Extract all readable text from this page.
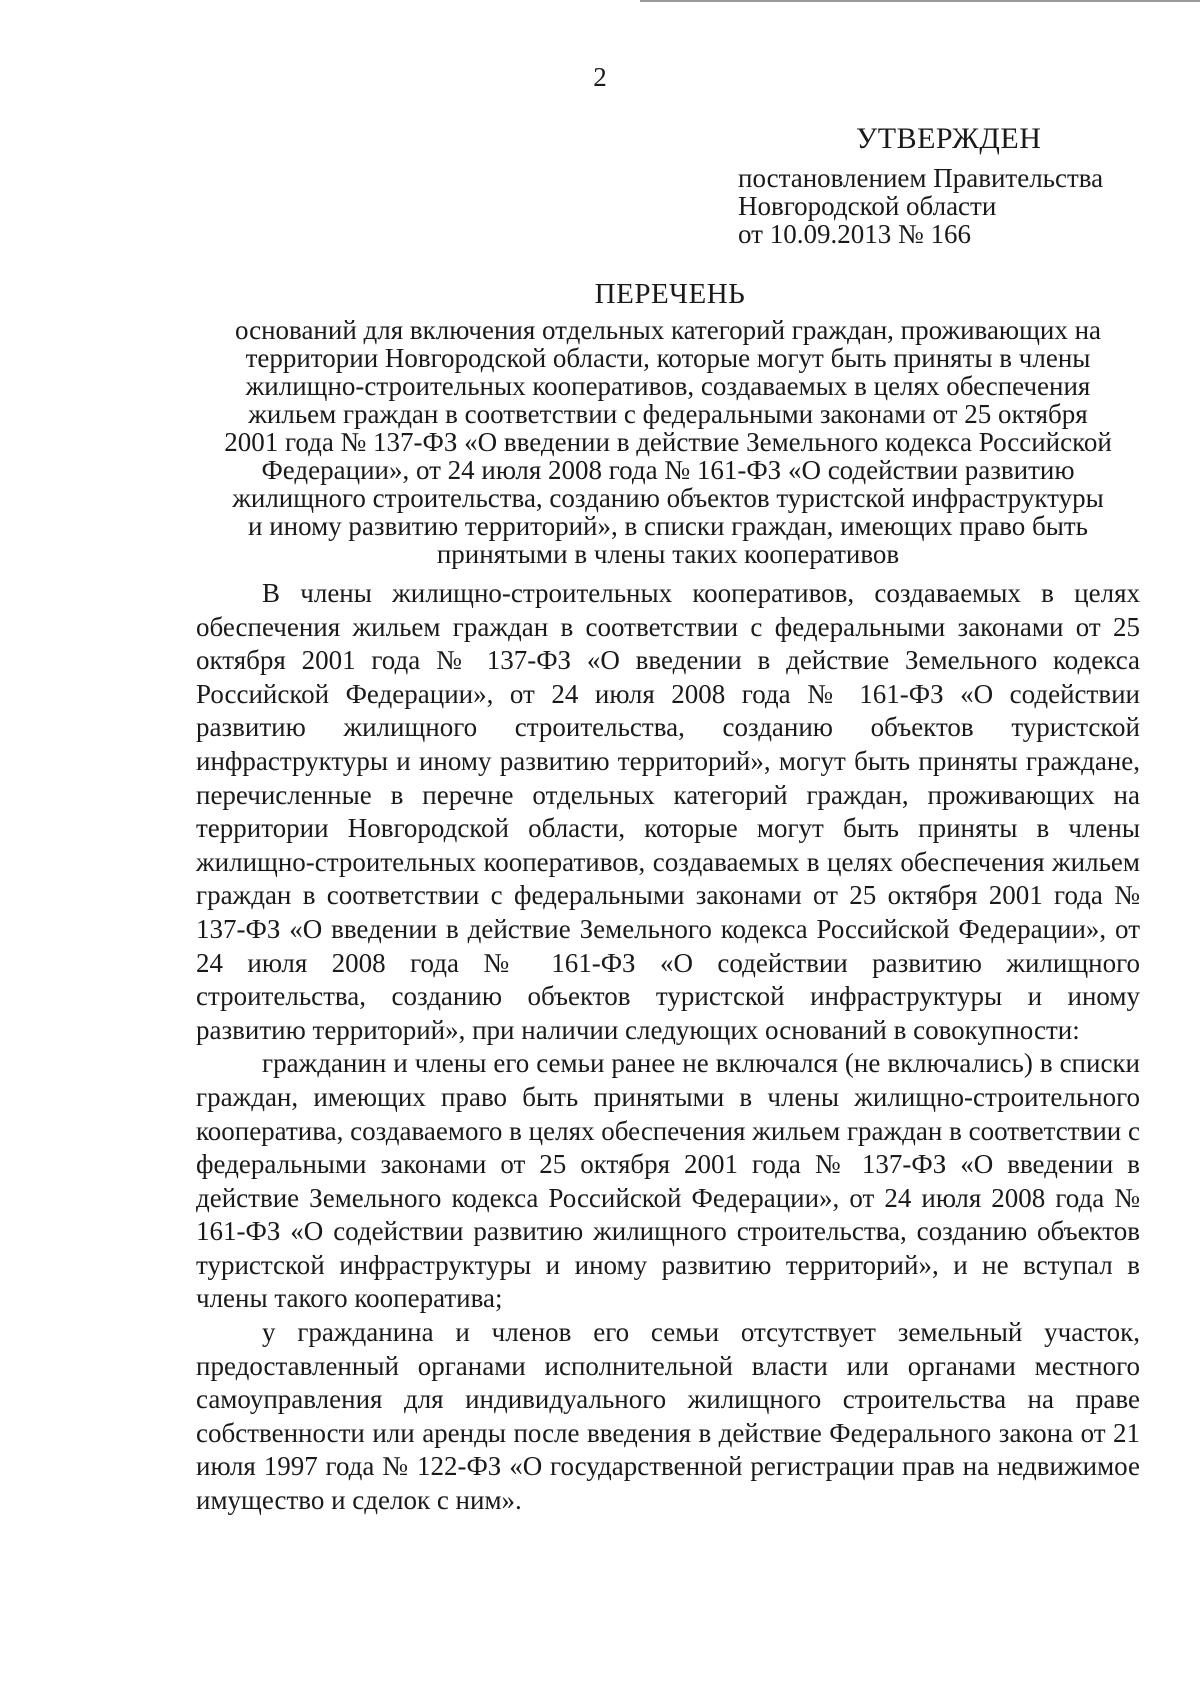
2
УТВЕРЖДЕН
постановлением Правительства
Новгородской области
от 10.09.2013 № 166
ПЕРЕЧЕНЬ
оснований для включения отдельных категорий граждан, проживающих на
территории Новгородской области, которые могут быть приняты в члены
жилищно-строительных кооперативов, создаваемых в целях обеспечения
жильем граждан в соответствии с федеральными законами от 25 октября
2001 года № 137-ФЗ «О введении в действие Земельного кодекса Российской
Федерации», от 24 июля 2008 года № 161-ФЗ «О содействии развитию
жилищного строительства, созданию объектов туристской инфраструктуры
и иному развитию территорий», в списки граждан, имеющих право быть
принятыми в члены таких кооперативов

В члены жилищно-строительных кооперативов, создаваемых в целях обеспечения жильем граждан в соответствии с федеральными законами от 25 октября 2001 года № 137-ФЗ «О введении в действие Земельного кодекса Российской Федерации», от 24 июля 2008 года № 161-ФЗ «О содействии развитию жилищного строительства, созданию объектов туристской инфраструктуры и иному развитию территорий», могут быть приняты граждане, перечисленные в перечне отдельных категорий граждан, проживающих на территории Новгородской области, которые могут быть приняты в члены жилищно-строительных кооперативов, создаваемых в целях обеспечения жильем граждан в соответствии с федеральными законами от 25 октября 2001 года № 137-ФЗ «О введении в действие Земельного кодекса Российской Федерации», от 24 июля 2008 года № 161-ФЗ «О содействии развитию жилищного строительства, созданию объектов туристской инфраструктуры и иному развитию территорий», при наличии следующих оснований в совокупности:

гражданин и члены его семьи ранее не включался (не включались) в списки граждан, имеющих право быть принятыми в члены жилищно-строительного кооператива, создаваемого в целях обеспечения жильем граждан в соответствии с федеральными законами от 25 октября 2001 года № 137-ФЗ «О введении в действие Земельного кодекса Российской Федерации», от 24 июля 2008 года № 161-ФЗ «О содействии развитию жилищного строительства, созданию объектов туристской инфраструктуры и иному развитию территорий», и не вступал в члены такого кооператива;

у гражданина и членов его семьи отсутствует земельный участок, предоставленный органами исполнительной власти или органами местного самоуправления для индивидуального жилищного строительства на праве собственности или аренды после введения в действие Федерального закона от 21 июля 1997 года № 122-ФЗ «О государственной регистрации прав на недвижимое имущество и сделок с ним».
